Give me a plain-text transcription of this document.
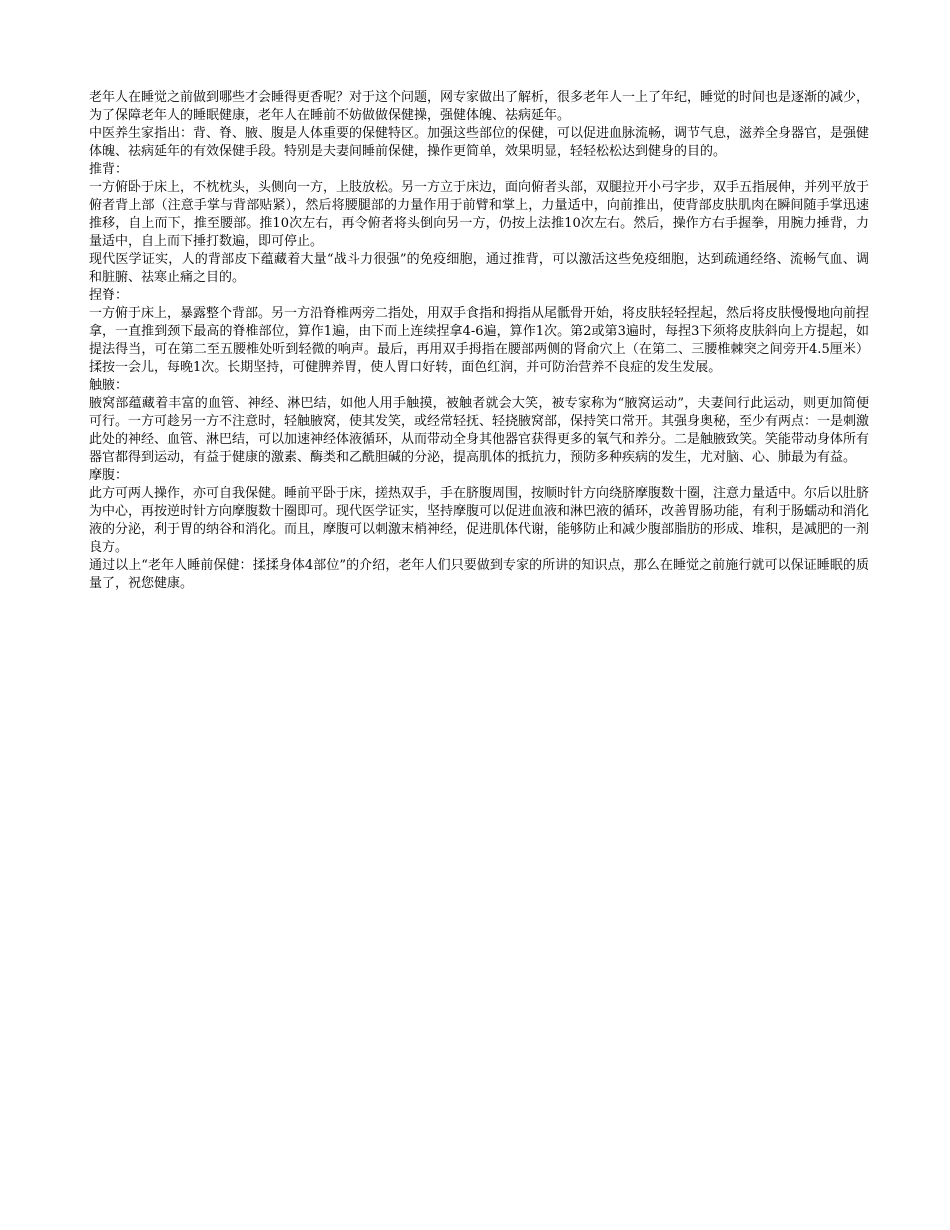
老年人在睡觉之前做到哪些才会睡得更香呢？对于这个问题，网专家做出了解析，很多老年人一上了年纪，睡觉的时间也是逐渐的减少，为了保障老年人的睡眠健康，老年人在睡前不妨做做保健操，强健体魄、祛病延年。

中医养生家指出：背、脊、腋、腹是人体重要的保健特区。加强这些部位的保健，可以促进血脉流畅，调节气息，滋养全身器官，是强健体魄、祛病延年的有效保健手段。特别是夫妻间睡前保健，操作更简单，效果明显，轻轻松松达到健身的目的。

推背：

一方俯卧于床上，不枕枕头，头侧向一方，上肢放松。另一方立于床边，面向俯者头部，双腿拉开小弓字步，双手五指展伸，并列平放于俯者背上部（注意手掌与背部贴紧），然后将腰腿部的力量作用于前臂和掌上，力量适中，向前推出，使背部皮肤肌肉在瞬间随手掌迅速推移，自上而下，推至腰部。推10次左右，再令俯者将头倒向另一方，仍按上法推10次左右。然后，操作方右手握拳，用腕力捶背，力量适中，自上而下捶打数遍，即可停止。

现代医学证实，人的背部皮下蕴藏着大量“战斗力很强”的免疫细胞，通过推背，可以激活这些免疫细胞，达到疏通经络、流畅气血、调和脏腑、祛寒止痛之目的。

捏脊：

一方俯于床上，暴露整个背部。另一方沿脊椎两旁二指处，用双手食指和拇指从尾骶骨开始，将皮肤轻轻捏起，然后将皮肤慢慢地向前捏拿，一直推到颈下最高的脊椎部位，算作1遍，由下而上连续捏拿4-6遍，算作1次。第2或第3遍时，每捏3下须将皮肤斜向上方提起，如提法得当，可在第二至五腰椎处听到轻微的响声。最后，再用双手拇指在腰部两侧的肾俞穴上（在第二、三腰椎棘突之间旁开4.5厘米）揉按一会儿，每晚1次。长期坚持，可健脾养胃，使人胃口好转，面色红润，并可防治营养不良症的发生发展。

触腋：

腋窝部蕴藏着丰富的血管、神经、淋巴结，如他人用手触摸，被触者就会大笑，被专家称为“腋窝运动”，夫妻间行此运动，则更加简便可行。一方可趁另一方不注意时，轻触腋窝，使其发笑，或经常轻抚、轻挠腋窝部，保持笑口常开。其强身奥秘，至少有两点：一是刺激此处的神经、血管、淋巴结，可以加速神经体液循环，从而带动全身其他器官获得更多的氧气和养分。二是触腋致笑。笑能带动身体所有器官都得到运动，有益于健康的激素、酶类和乙酰胆碱的分泌，提高肌体的抵抗力，预防多种疾病的发生，尤对脑、心、肺最为有益。

摩腹：

此方可两人操作，亦可自我保健。睡前平卧于床，搓热双手，手在脐腹周围，按顺时针方向绕脐摩腹数十圈，注意力量适中。尔后以肚脐为中心，再按逆时针方向摩腹数十圈即可。现代医学证实，坚持摩腹可以促进血液和淋巴液的循环，改善胃肠功能，有利于肠蠕动和消化液的分泌，利于胃的纳谷和消化。而且，摩腹可以刺激末梢神经，促进肌体代谢，能够防止和减少腹部脂肪的形成、堆积，是减肥的一剂良方。

通过以上“老年人睡前保健：揉揉身体4部位”的介绍，老年人们只要做到专家的所讲的知识点，那么在睡觉之前施行就可以保证睡眠的质量了，祝您健康。
